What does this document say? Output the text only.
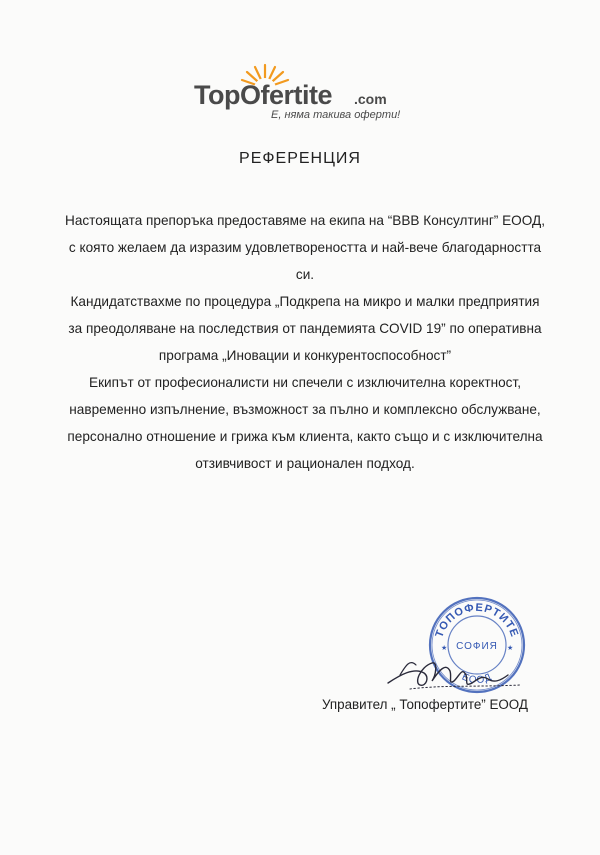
TopOfertite .com
Е, няма такива оферти!
РЕФЕРЕНЦИЯ
Настоящата препоръка предоставяме на екипа на “ВВВ Консултинг” ЕООД,
с която желаем да изразим удовлетвореността и най-вече благодарността
си.
Кандидатствахме по процедура „Подкрепа на микро и малки предприятия
за преодоляване на последствия от пандемията COVID 19” по оперативна
програма „Иновации и конкурентоспособност”
Екипът от професионалисти ни спечели с изключителна коректност,
навременно изпълнение, възможност за пълно и комплексно обслужване,
персонално отношение и грижа към клиента, както също и с изключителна
отзивчивост и рационален подход.
ТОПОФЕРТИТЕ
СОФИЯ
ЕООД
★	★
Управител „ Топофертите” ЕООД
